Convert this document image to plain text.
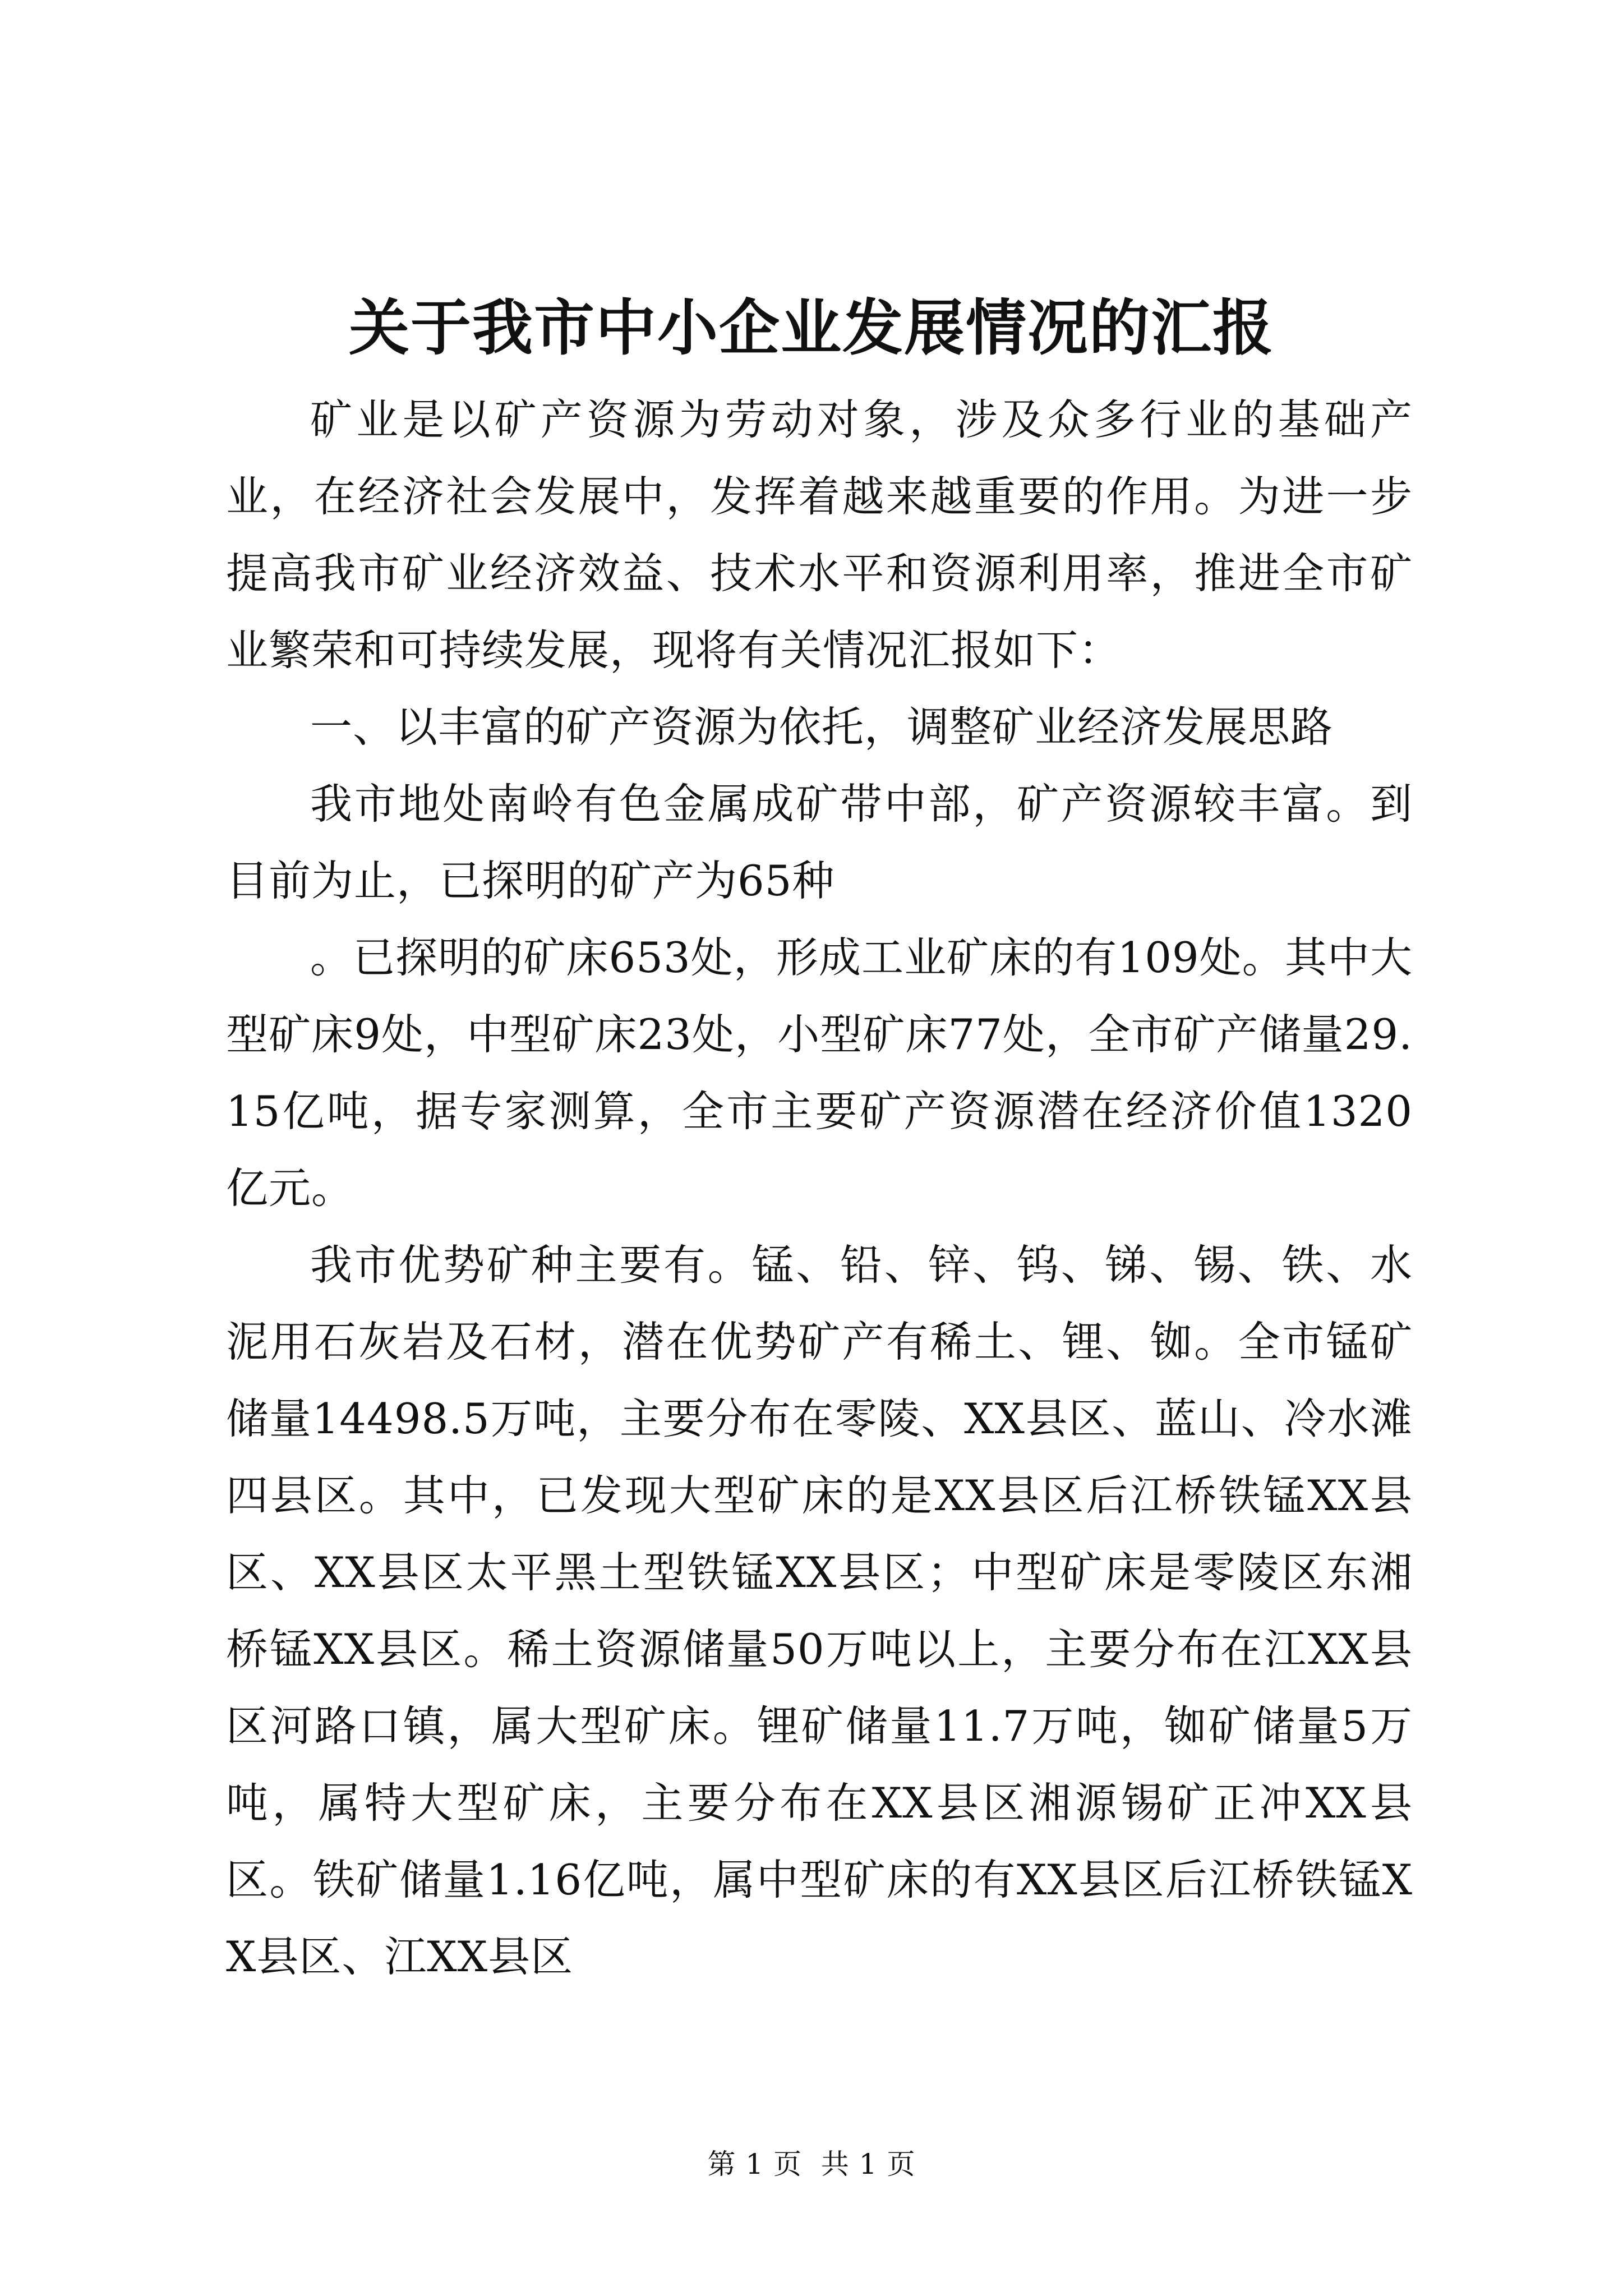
关于我市中小企业发展情况的汇报

矿业是以矿产资源为劳动对象，涉及众多行业的基础产业，在经济社会发展中，发挥着越来越重要的作用。为进一步提高我市矿业经济效益、技术水平和资源利用率，推进全市矿业繁荣和可持续发展，现将有关情况汇报如下：

一、以丰富的矿产资源为依托，调整矿业经济发展思路

我市地处南岭有色金属成矿带中部，矿产资源较丰富。到目前为止，已探明的矿产为65种

。已探明的矿床653处，形成工业矿床的有109处。其中大型矿床9处，中型矿床23处，小型矿床77处，全市矿产储量29.15亿吨，据专家测算，全市主要矿产资源潜在经济价值1320亿元。

我市优势矿种主要有。锰、铅、锌、钨、锑、锡、铁、水泥用石灰岩及石材，潜在优势矿产有稀土、锂、铷。全市锰矿储量14498.5万吨，主要分布在零陵、XX县区、蓝山、冷水滩四县区。其中，已发现大型矿床的是XX县区后江桥铁锰XX县区、XX县区太平黑土型铁锰XX县区；中型矿床是零陵区东湘桥锰XX县区。稀土资源储量50万吨以上，主要分布在江XX县区河路口镇，属大型矿床。锂矿储量11.7万吨，铷矿储量5万吨，属特大型矿床，主要分布在XX县区湘源锡矿正冲XX县区。铁矿储量1.16亿吨，属中型矿床的有XX县区后江桥铁锰XX县区、江XX县区

第 1 页  共 1 页
